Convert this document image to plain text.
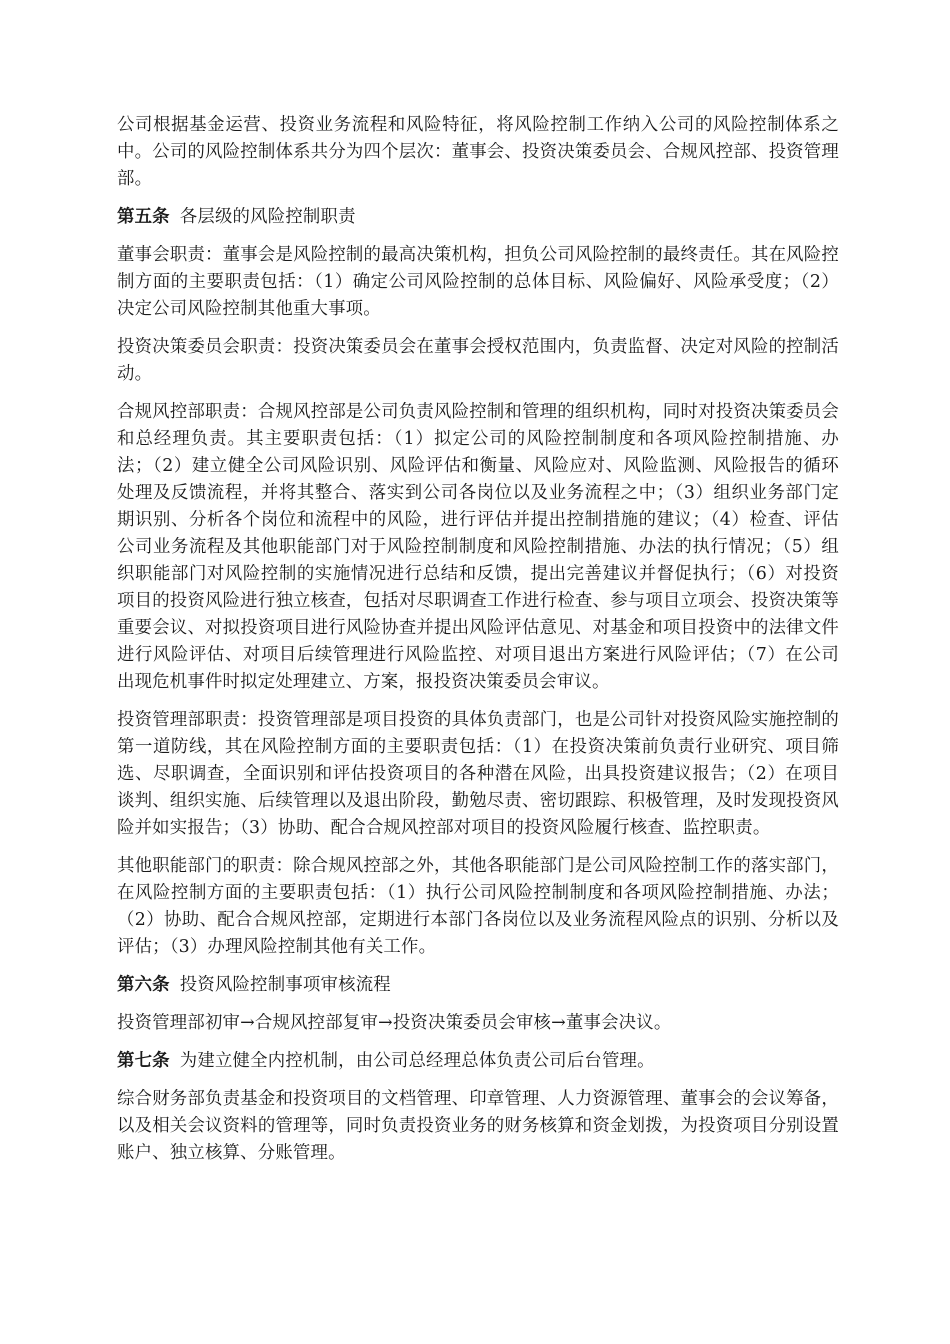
公司根据基金运营、投资业务流程和风险特征，将风险控制工作纳入公司的风险控制体系之中。公司的风险控制体系共分为四个层次：董事会、投资决策委员会、合规风控部、投资管理部。

第五条 各层级的风险控制职责

董事会职责：董事会是风险控制的最高决策机构，担负公司风险控制的最终责任。其在风险控制方面的主要职责包括：（1）确定公司风险控制的总体目标、风险偏好、风险承受度；（2）决定公司风险控制其他重大事项。

投资决策委员会职责：投资决策委员会在董事会授权范围内，负责监督、决定对风险的控制活动。

合规风控部职责：合规风控部是公司负责风险控制和管理的组织机构，同时对投资决策委员会和总经理负责。其主要职责包括：（1）拟定公司的风险控制制度和各项风险控制措施、办法；（2）建立健全公司风险识别、风险评估和衡量、风险应对、风险监测、风险报告的循环处理及反馈流程，并将其整合、落实到公司各岗位以及业务流程之中；（3）组织业务部门定期识别、分析各个岗位和流程中的风险，进行评估并提出控制措施的建议；（4）检查、评估公司业务流程及其他职能部门对于风险控制制度和风险控制措施、办法的执行情况；（5）组织职能部门对风险控制的实施情况进行总结和反馈，提出完善建议并督促执行；（6）对投资项目的投资风险进行独立核查，包括对尽职调查工作进行检查、参与项目立项会、投资决策等重要会议、对拟投资项目进行风险协查并提出风险评估意见、对基金和项目投资中的法律文件进行风险评估、对项目后续管理进行风险监控、对项目退出方案进行风险评估；（7）在公司出现危机事件时拟定处理建立、方案，报投资决策委员会审议。

投资管理部职责：投资管理部是项目投资的具体负责部门，也是公司针对投资风险实施控制的第一道防线，其在风险控制方面的主要职责包括：（1）在投资决策前负责行业研究、项目筛选、尽职调查，全面识别和评估投资项目的各种潜在风险，出具投资建议报告；（2）在项目谈判、组织实施、后续管理以及退出阶段，勤勉尽责、密切跟踪、积极管理，及时发现投资风险并如实报告；（3）协助、配合合规风控部对项目的投资风险履行核查、监控职责。

其他职能部门的职责：除合规风控部之外，其他各职能部门是公司风险控制工作的落实部门，在风险控制方面的主要职责包括：（1）执行公司风险控制制度和各项风险控制措施、办法；（2）协助、配合合规风控部，定期进行本部门各岗位以及业务流程风险点的识别、分析以及评估；（3）办理风险控制其他有关工作。

第六条 投资风险控制事项审核流程

投资管理部初审→合规风控部复审→投资决策委员会审核→董事会决议。

第七条 为建立健全内控机制，由公司总经理总体负责公司后台管理。

综合财务部负责基金和投资项目的文档管理、印章管理、人力资源管理、董事会的会议筹备，以及相关会议资料的管理等，同时负责投资业务的财务核算和资金划拨，为投资项目分别设置账户、独立核算、分账管理。
